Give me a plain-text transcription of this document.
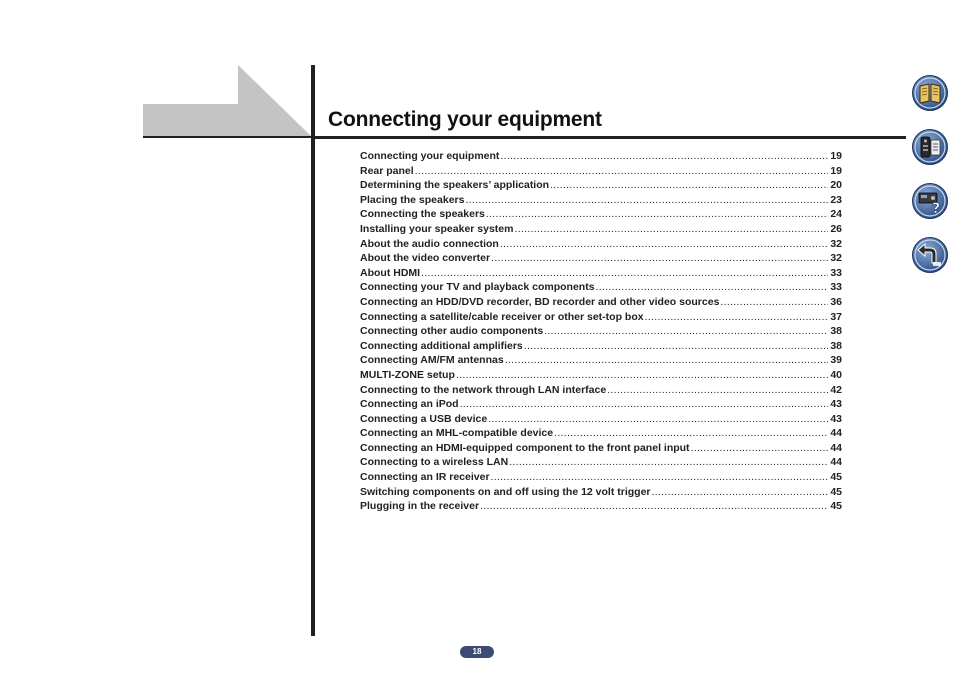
Connecting your equipment
Connecting your equipment .....	19
Rear panel .....	19
Determining the speakers’ application .....	20
Placing the speakers .....	23
Connecting the speakers .....	24
Installing your speaker system .....	26
About the audio connection .....	32
About the video converter .....	32
About HDMI .....	33
Connecting your TV and playback components .....	33
Connecting an HDD/DVD recorder, BD recorder and other video sources .....	36
Connecting a satellite/cable receiver or other set-top box .....	37
Connecting other audio components .....	38
Connecting additional amplifiers .....	38
Connecting AM/FM antennas .....	39
MULTI-ZONE setup .....	40
Connecting to the network through LAN interface .....	42
Connecting an iPod .....	43
Connecting a USB device .....	43
Connecting an MHL-compatible device .....	44
Connecting an HDMI-equipped component to the front panel input .....	44
Connecting to a wireless LAN .....	44
Connecting an IR receiver .....	45
Switching components on and off using the 12 volt trigger .....	45
Plugging in the receiver .....	45
?
18
